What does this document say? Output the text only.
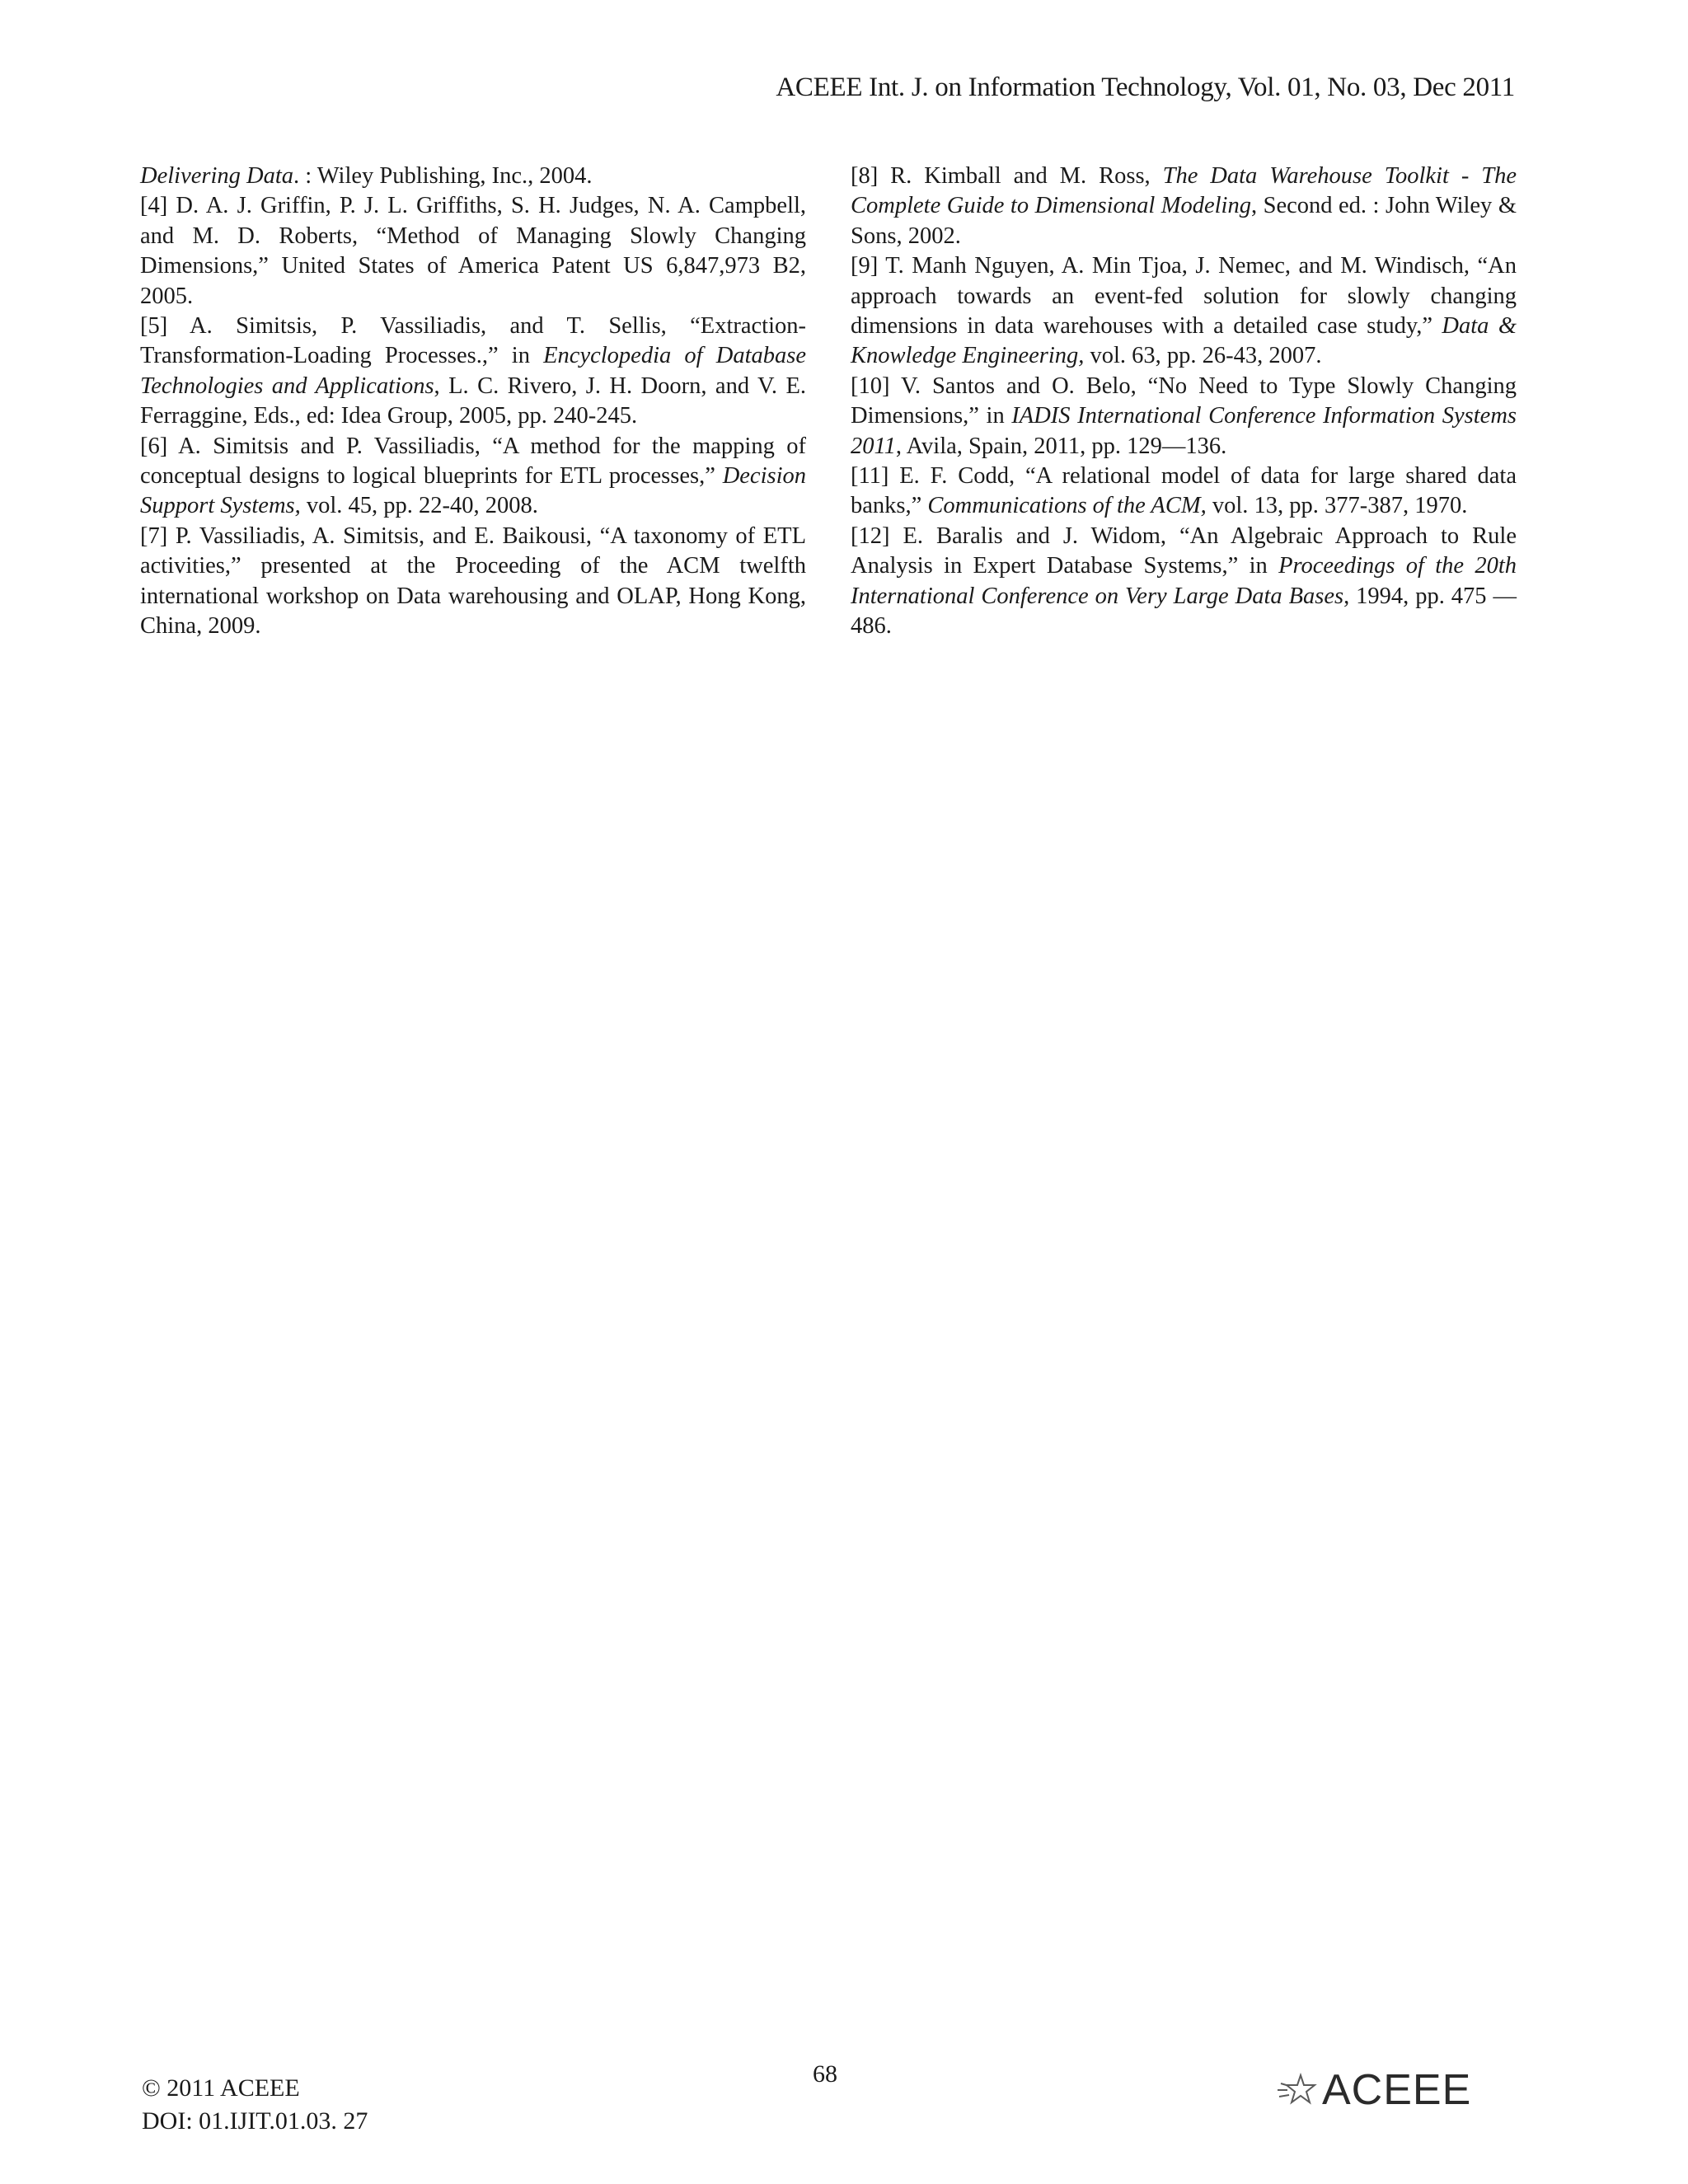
ACEEE Int. J. on Information Technology, Vol. 01, No. 03, Dec 2011

Delivering Data. : Wiley Publishing, Inc., 2004.

[4] D. A. J. Griffin, P. J. L. Griffiths, S. H. Judges, N. A. Campbell, and M. D. Roberts, “Method of Managing Slowly Changing Dimensions,” United States of America Patent US 6,847,973 B2, 2005.

[5] A. Simitsis, P. Vassiliadis, and T. Sellis, “Extraction-Transformation-Loading Processes.,” in Encyclopedia of Database Technologies and Applications, L. C. Rivero, J. H. Doorn, and V. E. Ferraggine, Eds., ed: Idea Group, 2005, pp. 240-245.

[6] A. Simitsis and P. Vassiliadis, “A method for the mapping of conceptual designs to logical blueprints for ETL processes,” Decision Support Systems, vol. 45, pp. 22-40, 2008.

[7] P. Vassiliadis, A. Simitsis, and E. Baikousi, “A taxonomy of ETL activities,” presented at the Proceeding of the ACM twelfth international workshop on Data warehousing and OLAP, Hong Kong, China, 2009.

[8] R. Kimball and M. Ross, The Data Warehouse Toolkit - The Complete Guide to Dimensional Modeling, Second ed. : John Wiley & Sons, 2002.

[9] T. Manh Nguyen, A. Min Tjoa, J. Nemec, and M. Windisch, “An approach towards an event-fed solution for slowly changing dimensions in data warehouses with a detailed case study,” Data & Knowledge Engineering, vol. 63, pp. 26-43, 2007.

[10] V. Santos and O. Belo, “No Need to Type Slowly Changing Dimensions,” in IADIS International Conference Information Systems 2011, Avila, Spain, 2011, pp. 129—136.

[11] E. F. Codd, “A relational model of data for large shared data banks,” Communications of the ACM, vol. 13, pp. 377-387, 1970.

[12] E. Baralis and J. Widom, “An Algebraic Approach to Rule Analysis in Expert Database Systems,” in Proceedings of the 20th International Conference on Very Large Data Bases, 1994, pp. 475 — 486.

© 2011 ACEEE
DOI: 01.IJIT.01.03. 27
68	ACEEE
